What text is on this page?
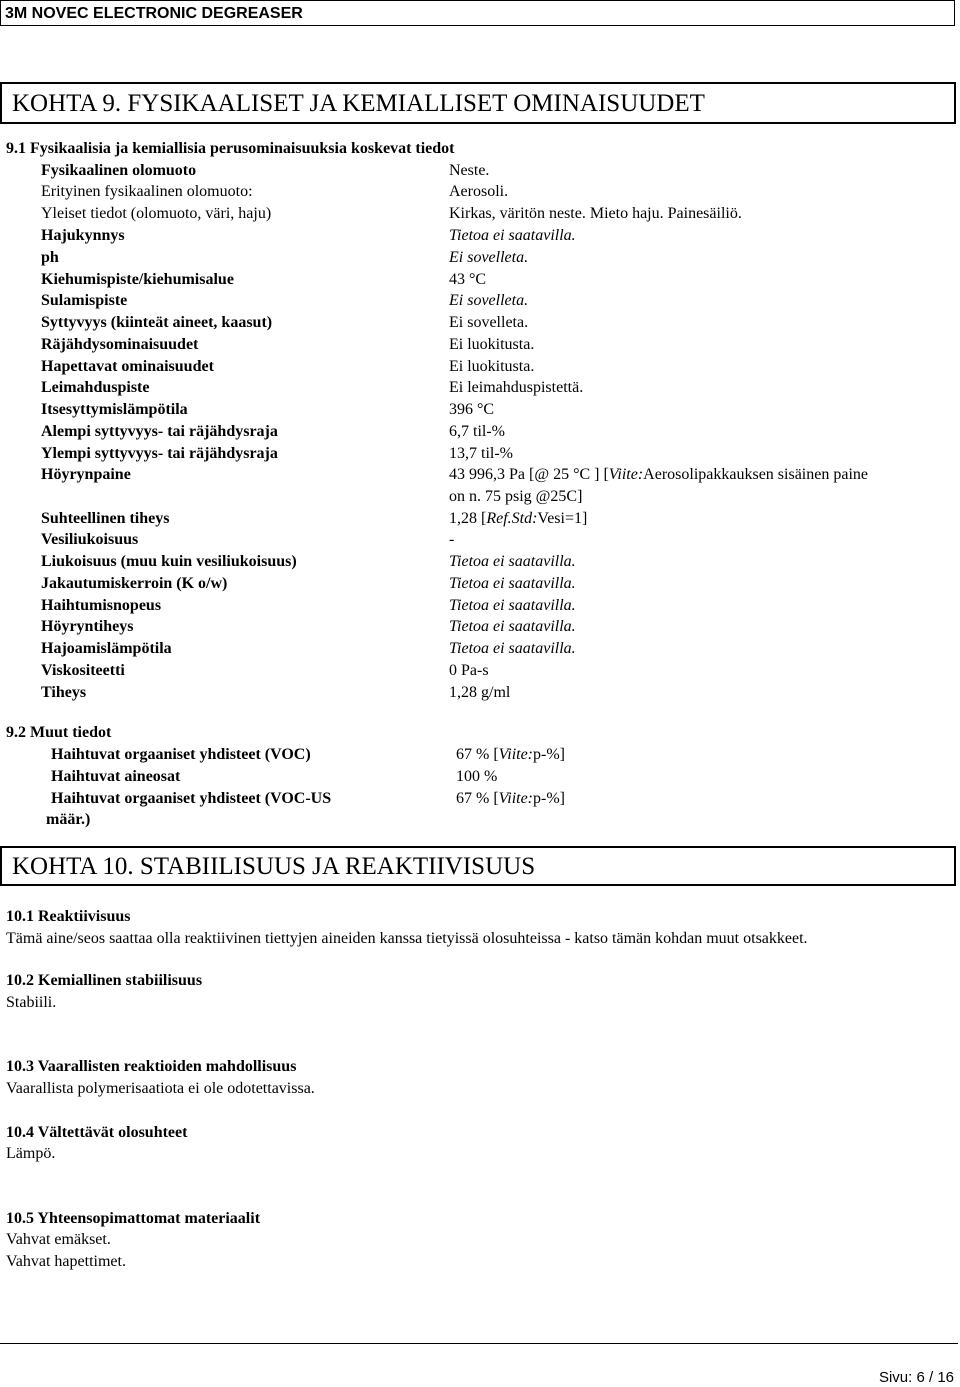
3M NOVEC ELECTRONIC DEGREASER
KOHTA 9. FYSIKAALISET JA KEMIALLISET OMINAISUUDET
9.1 Fysikaalisia ja kemiallisia perusominaisuuksia koskevat tiedot
Fysikaalinen olomuoto	Neste.
Erityinen fysikaalinen olomuoto:	Aerosoli.
Yleiset tiedot (olomuoto, väri, haju)	Kirkas, väritön neste. Mieto haju. Painesäiliö.
Hajukynnys	Tietoa ei saatavilla.
ph	Ei sovelleta.
Kiehumispiste/kiehumisalue	43 °C
Sulamispiste	Ei sovelleta.
Syttyvyys (kiinteät aineet, kaasut)	Ei sovelleta.
Räjähdysominaisuudet	Ei luokitusta.
Hapettavat ominaisuudet	Ei luokitusta.
Leimahduspiste	Ei leimahduspistettä.
Itsesyttymislämpötila	396 °C
Alempi syttyvyys- tai räjähdysraja	6,7 til-%
Ylempi syttyvyys- tai räjähdysraja	13,7 til-%
Höyrynpaine	43 996,3 Pa [@ 25 °C ] [Viite:Aerosolipakkauksen sisäinen paine
on n. 75 psig @25C]
Suhteellinen tiheys	1,28 [Ref.Std:Vesi=1]
Vesiliukoisuus	-
Liukoisuus (muu kuin vesiliukoisuus)	Tietoa ei saatavilla.
Jakautumiskerroin (K o/w)	Tietoa ei saatavilla.
Haihtumisnopeus	Tietoa ei saatavilla.
Höyryntiheys	Tietoa ei saatavilla.
Hajoamislämpötila	Tietoa ei saatavilla.
Viskositeetti	0 Pa-s
Tiheys	1,28 g/ml
9.2 Muut tiedot
Haihtuvat orgaaniset yhdisteet (VOC)	67 % [Viite:p-%]
Haihtuvat aineosat	100 %
Haihtuvat orgaaniset yhdisteet (VOC-US	67 % [Viite:p-%]
määr.)
KOHTA 10. STABIILISUUS JA REAKTIIVISUUS
10.1 Reaktiivisuus
Tämä aine/seos saattaa olla reaktiivinen tiettyjen aineiden kanssa tietyissä olosuhteissa - katso tämän kohdan muut otsakkeet.
10.2 Kemiallinen stabiilisuus
Stabiili.
10.3 Vaarallisten reaktioiden mahdollisuus
Vaarallista polymerisaatiota ei ole odotettavissa.
10.4 Vältettävät olosuhteet
Lämpö.
10.5 Yhteensopimattomat materiaalit
Vahvat emäkset.
Vahvat hapettimet.
Sivu: 6 / 16
